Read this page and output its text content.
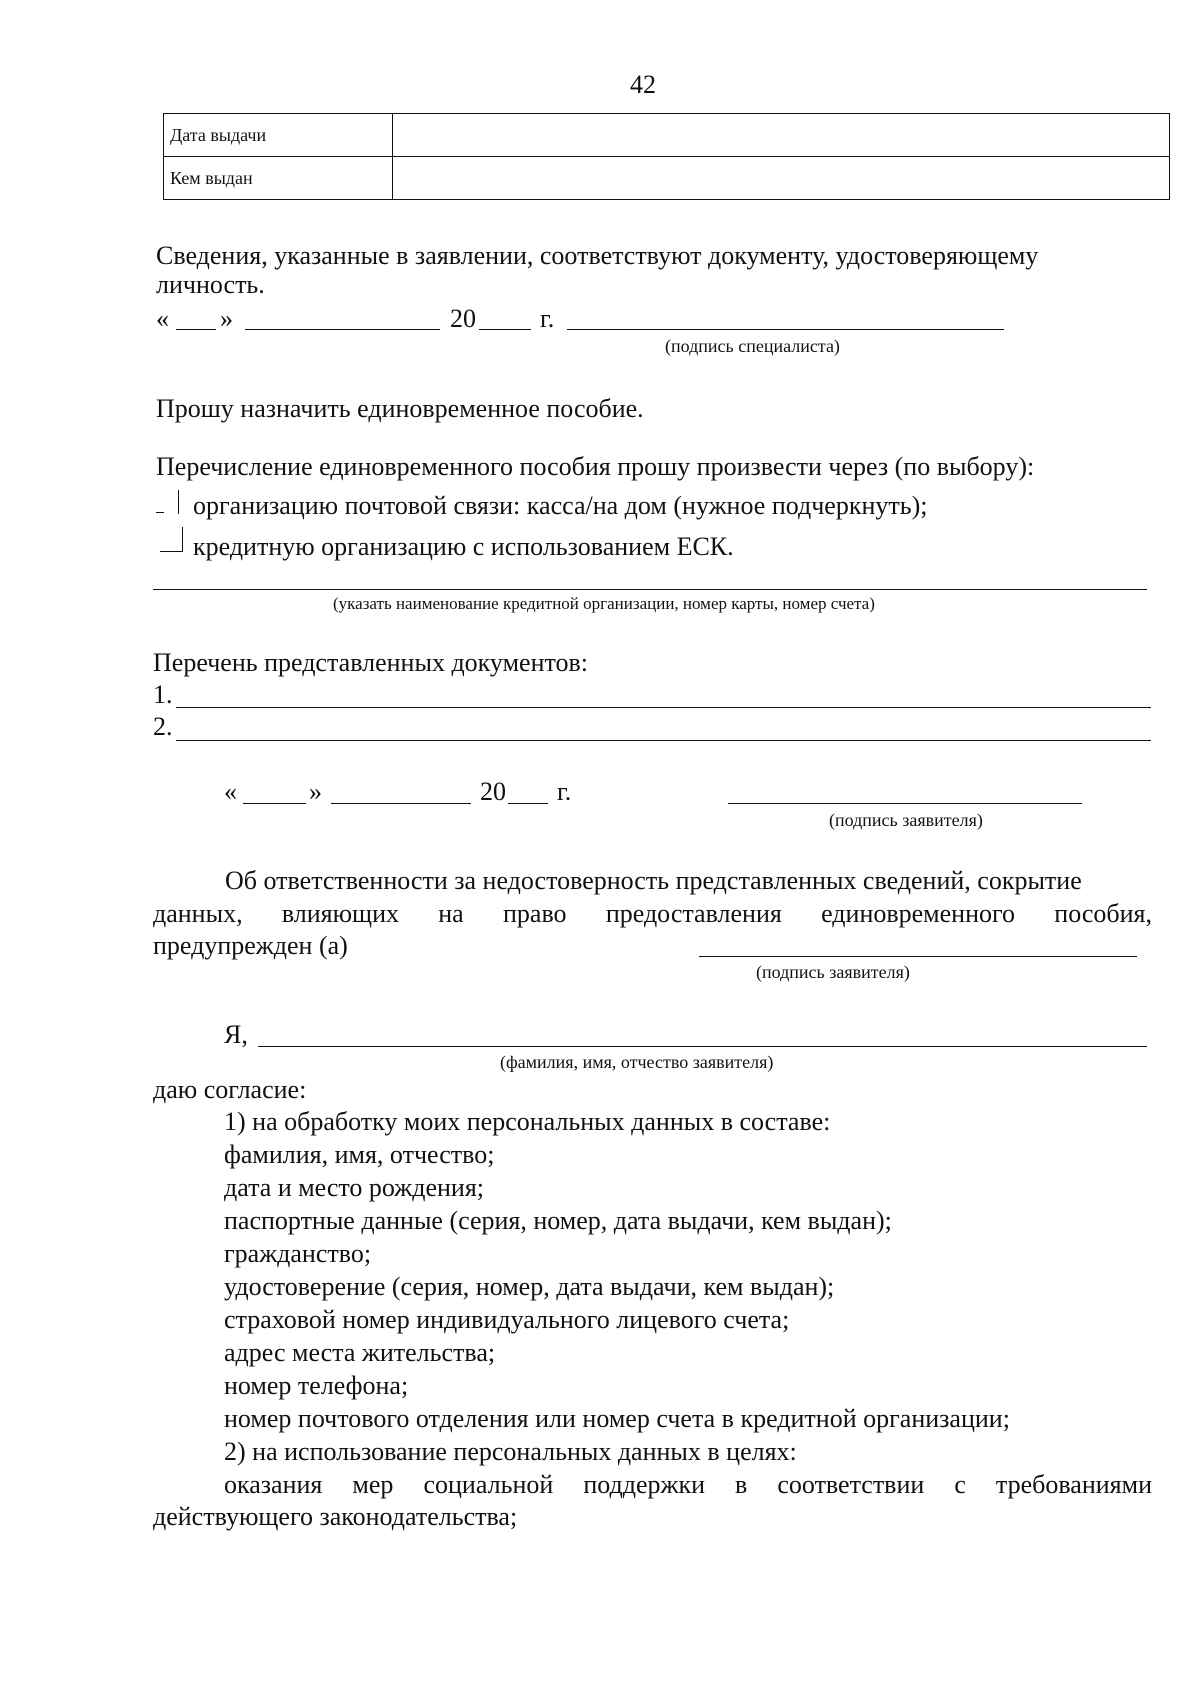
42
Дата выдачи	
Кем выдан	
Сведения, указанные в заявлении, соответствуют документу, удостоверяющему
личность.
« »	20 г.
(подпись специалиста)
Прошу назначить единовременное пособие.
Перечисление единовременного пособия прошу произвести через (по выбору):
организацию почтовой связи: касса/на дом (нужное подчеркнуть);
кредитную организацию с использованием ЕСК.
(указать наименование кредитной организации, номер карты, номер счета)
Перечень представленных документов:
1.
2.
«	»	20 г.
(подпись заявителя)
Об ответственности за недостоверность представленных сведений, сокрытие
данных, влияющих на право предоставления единовременного пособия,
предупрежден (а)
(подпись заявителя)
Я,
(фамилия, имя, отчество заявителя)
даю согласие:
1) на обработку моих персональных данных в составе:
фамилия, имя, отчество;
дата и место рождения;
паспортные данные (серия, номер, дата выдачи, кем выдан);
гражданство;
удостоверение (серия, номер, дата выдачи, кем выдан);
страховой номер индивидуального лицевого счета;
адрес места жительства;
номер телефона;
номер почтового отделения или номер счета в кредитной организации;
2) на использование персональных данных в целях:
оказания мер социальной поддержки в соответствии с требованиями
действующего законодательства;
